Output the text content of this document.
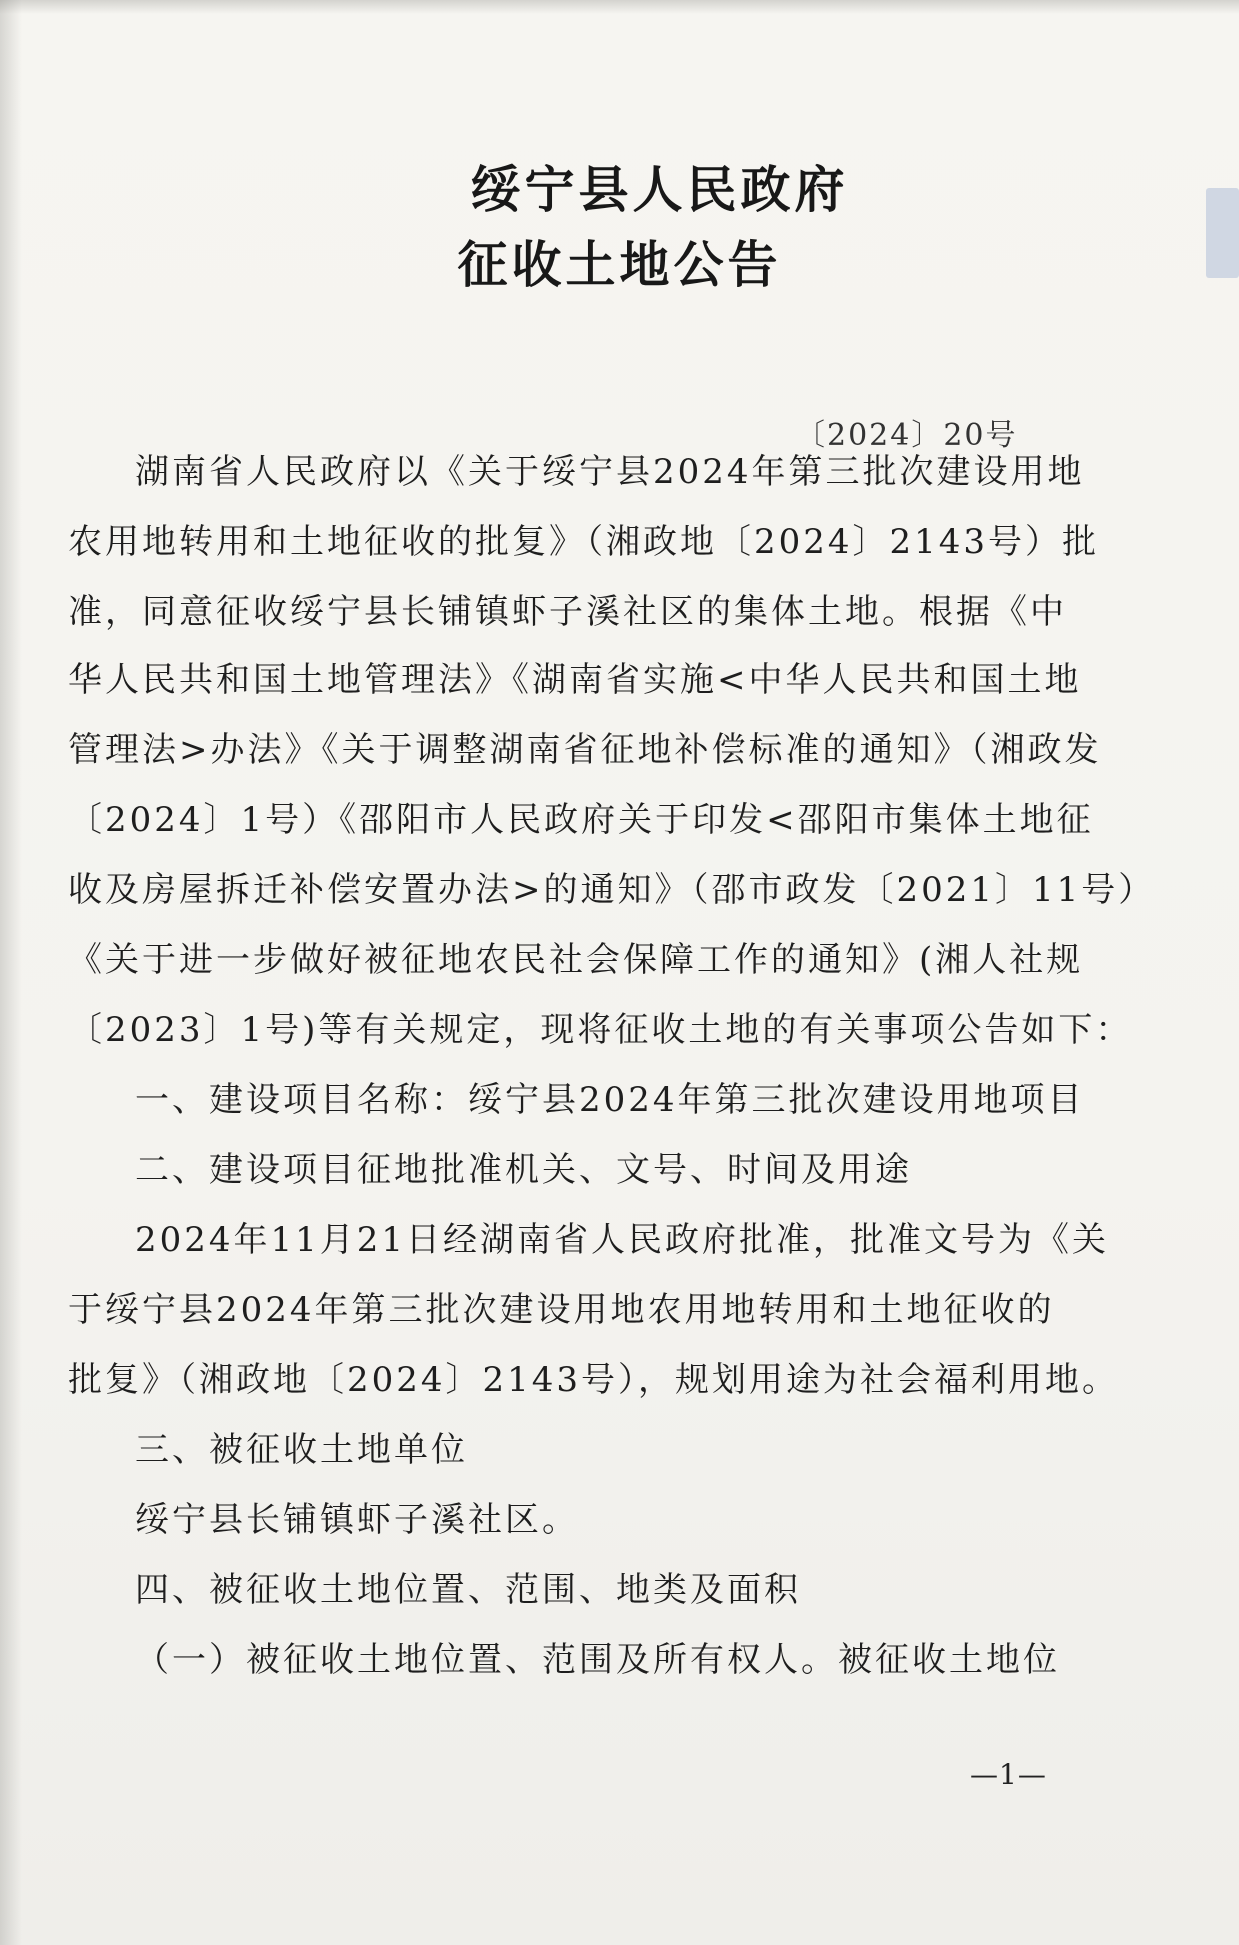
绥宁县人民政府
征收土地公告
〔2024〕20号
湖南省人民政府以《关于绥宁县2024年第三批次建设用地
农用地转用和土地征收的批复》（湘政地〔2024〕2143号）批
准，同意征收绥宁县长铺镇虾子溪社区的集体土地。根据《中
华人民共和国土地管理法》《湖南省实施<中华人民共和国土地
管理法>办法》《关于调整湖南省征地补偿标准的通知》（湘政发
〔2024〕1号）《邵阳市人民政府关于印发<邵阳市集体土地征
收及房屋拆迁补偿安置办法>的通知》（邵市政发〔2021〕11号）
《关于进一步做好被征地农民社会保障工作的通知》(湘人社规
〔2023〕1号)等有关规定，现将征收土地的有关事项公告如下：
一、建设项目名称：绥宁县2024年第三批次建设用地项目
二、建设项目征地批准机关、文号、时间及用途
2024年11月21日经湖南省人民政府批准，批准文号为《关
于绥宁县2024年第三批次建设用地农用地转用和土地征收的
批复》（湘政地〔2024〕2143号），规划用途为社会福利用地。
三、被征收土地单位
绥宁县长铺镇虾子溪社区。
四、被征收土地位置、范围、地类及面积
（一）被征收土地位置、范围及所有权人。被征收土地位
—1—
